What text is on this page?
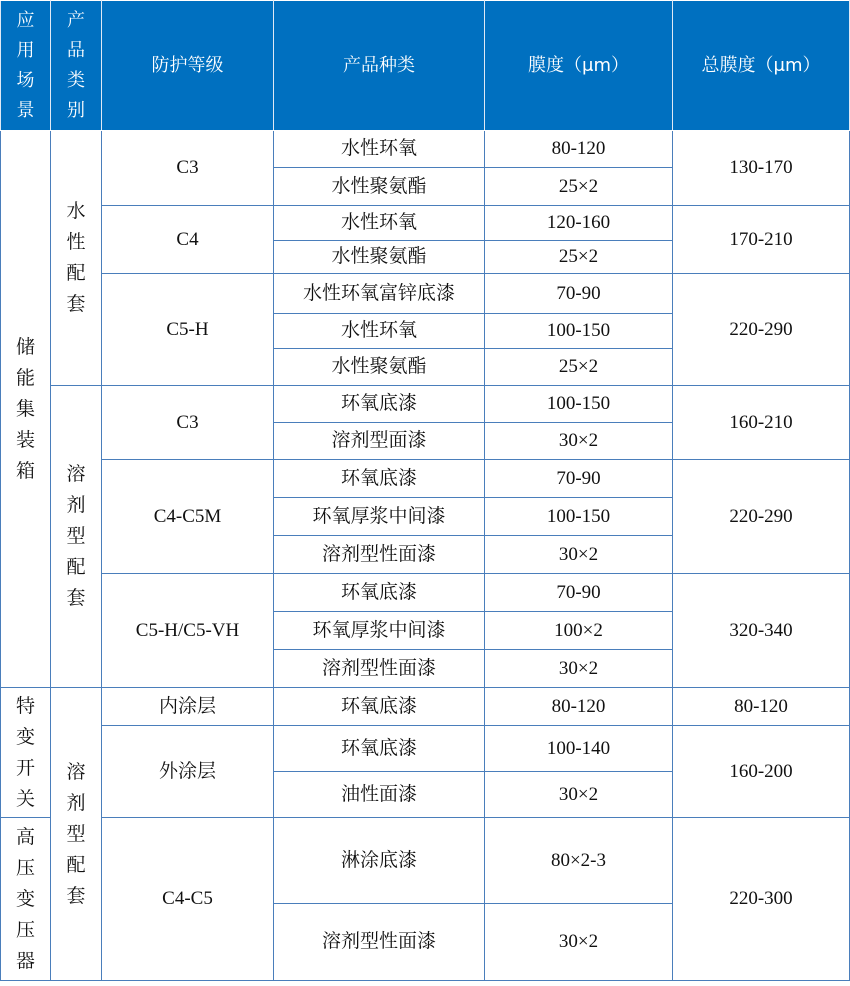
应用场景	产品类别	防护等级	产品种类	膜度（μm）	总膜度（μm）
储能集装箱	水性配套	C3	水性环氧	80-120	130-170
			水性聚氨酯	25×2	
		C4	水性环氧	120-160	170-210
			水性聚氨酯	25×2	
		C5-H	水性环氧富锌底漆	70-90	220-290
			水性环氧	100-150	
			水性聚氨酯	25×2	
	溶剂型配套	C3	环氧底漆	100-150	160-210
			溶剂型面漆	30×2	
		C4-C5M	环氧底漆	70-90	220-290
			环氧厚浆中间漆	100-150	
			溶剂型性面漆	30×2	
		C5-H/C5-VH	环氧底漆	70-90	320-340
			环氧厚浆中间漆	100×2	
			溶剂型性面漆	30×2	
特变开关	溶剂型配套	内涂层	环氧底漆	80-120	80-120
		外涂层	环氧底漆	100-140	160-200
			油性面漆	30×2	
高压变压器		C4-C5	淋涂底漆	80×2-3	220-300
			溶剂型性面漆	30×2	
